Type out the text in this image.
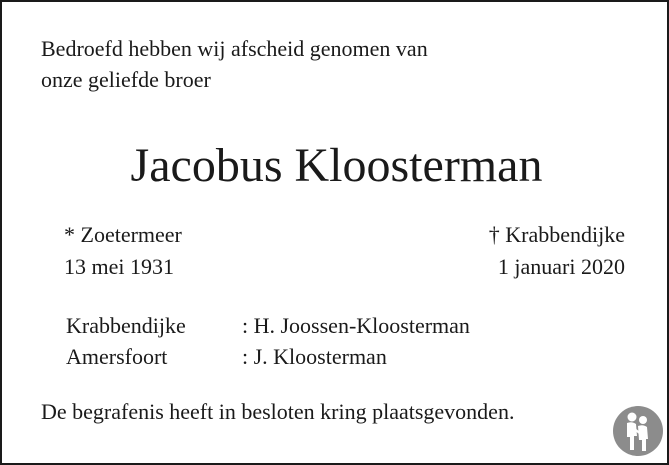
Bedroefd hebben wij afscheid genomen van
onze geliefde broer
Jacobus Kloosterman
* Zoetermeer
13 mei 1931
† Krabbendijke
1 januari 2020
Krabbendijke	: H. Joossen-Kloosterman
Amersfoort	: J. Kloosterman
De begrafenis heeft in besloten kring plaatsgevonden.
